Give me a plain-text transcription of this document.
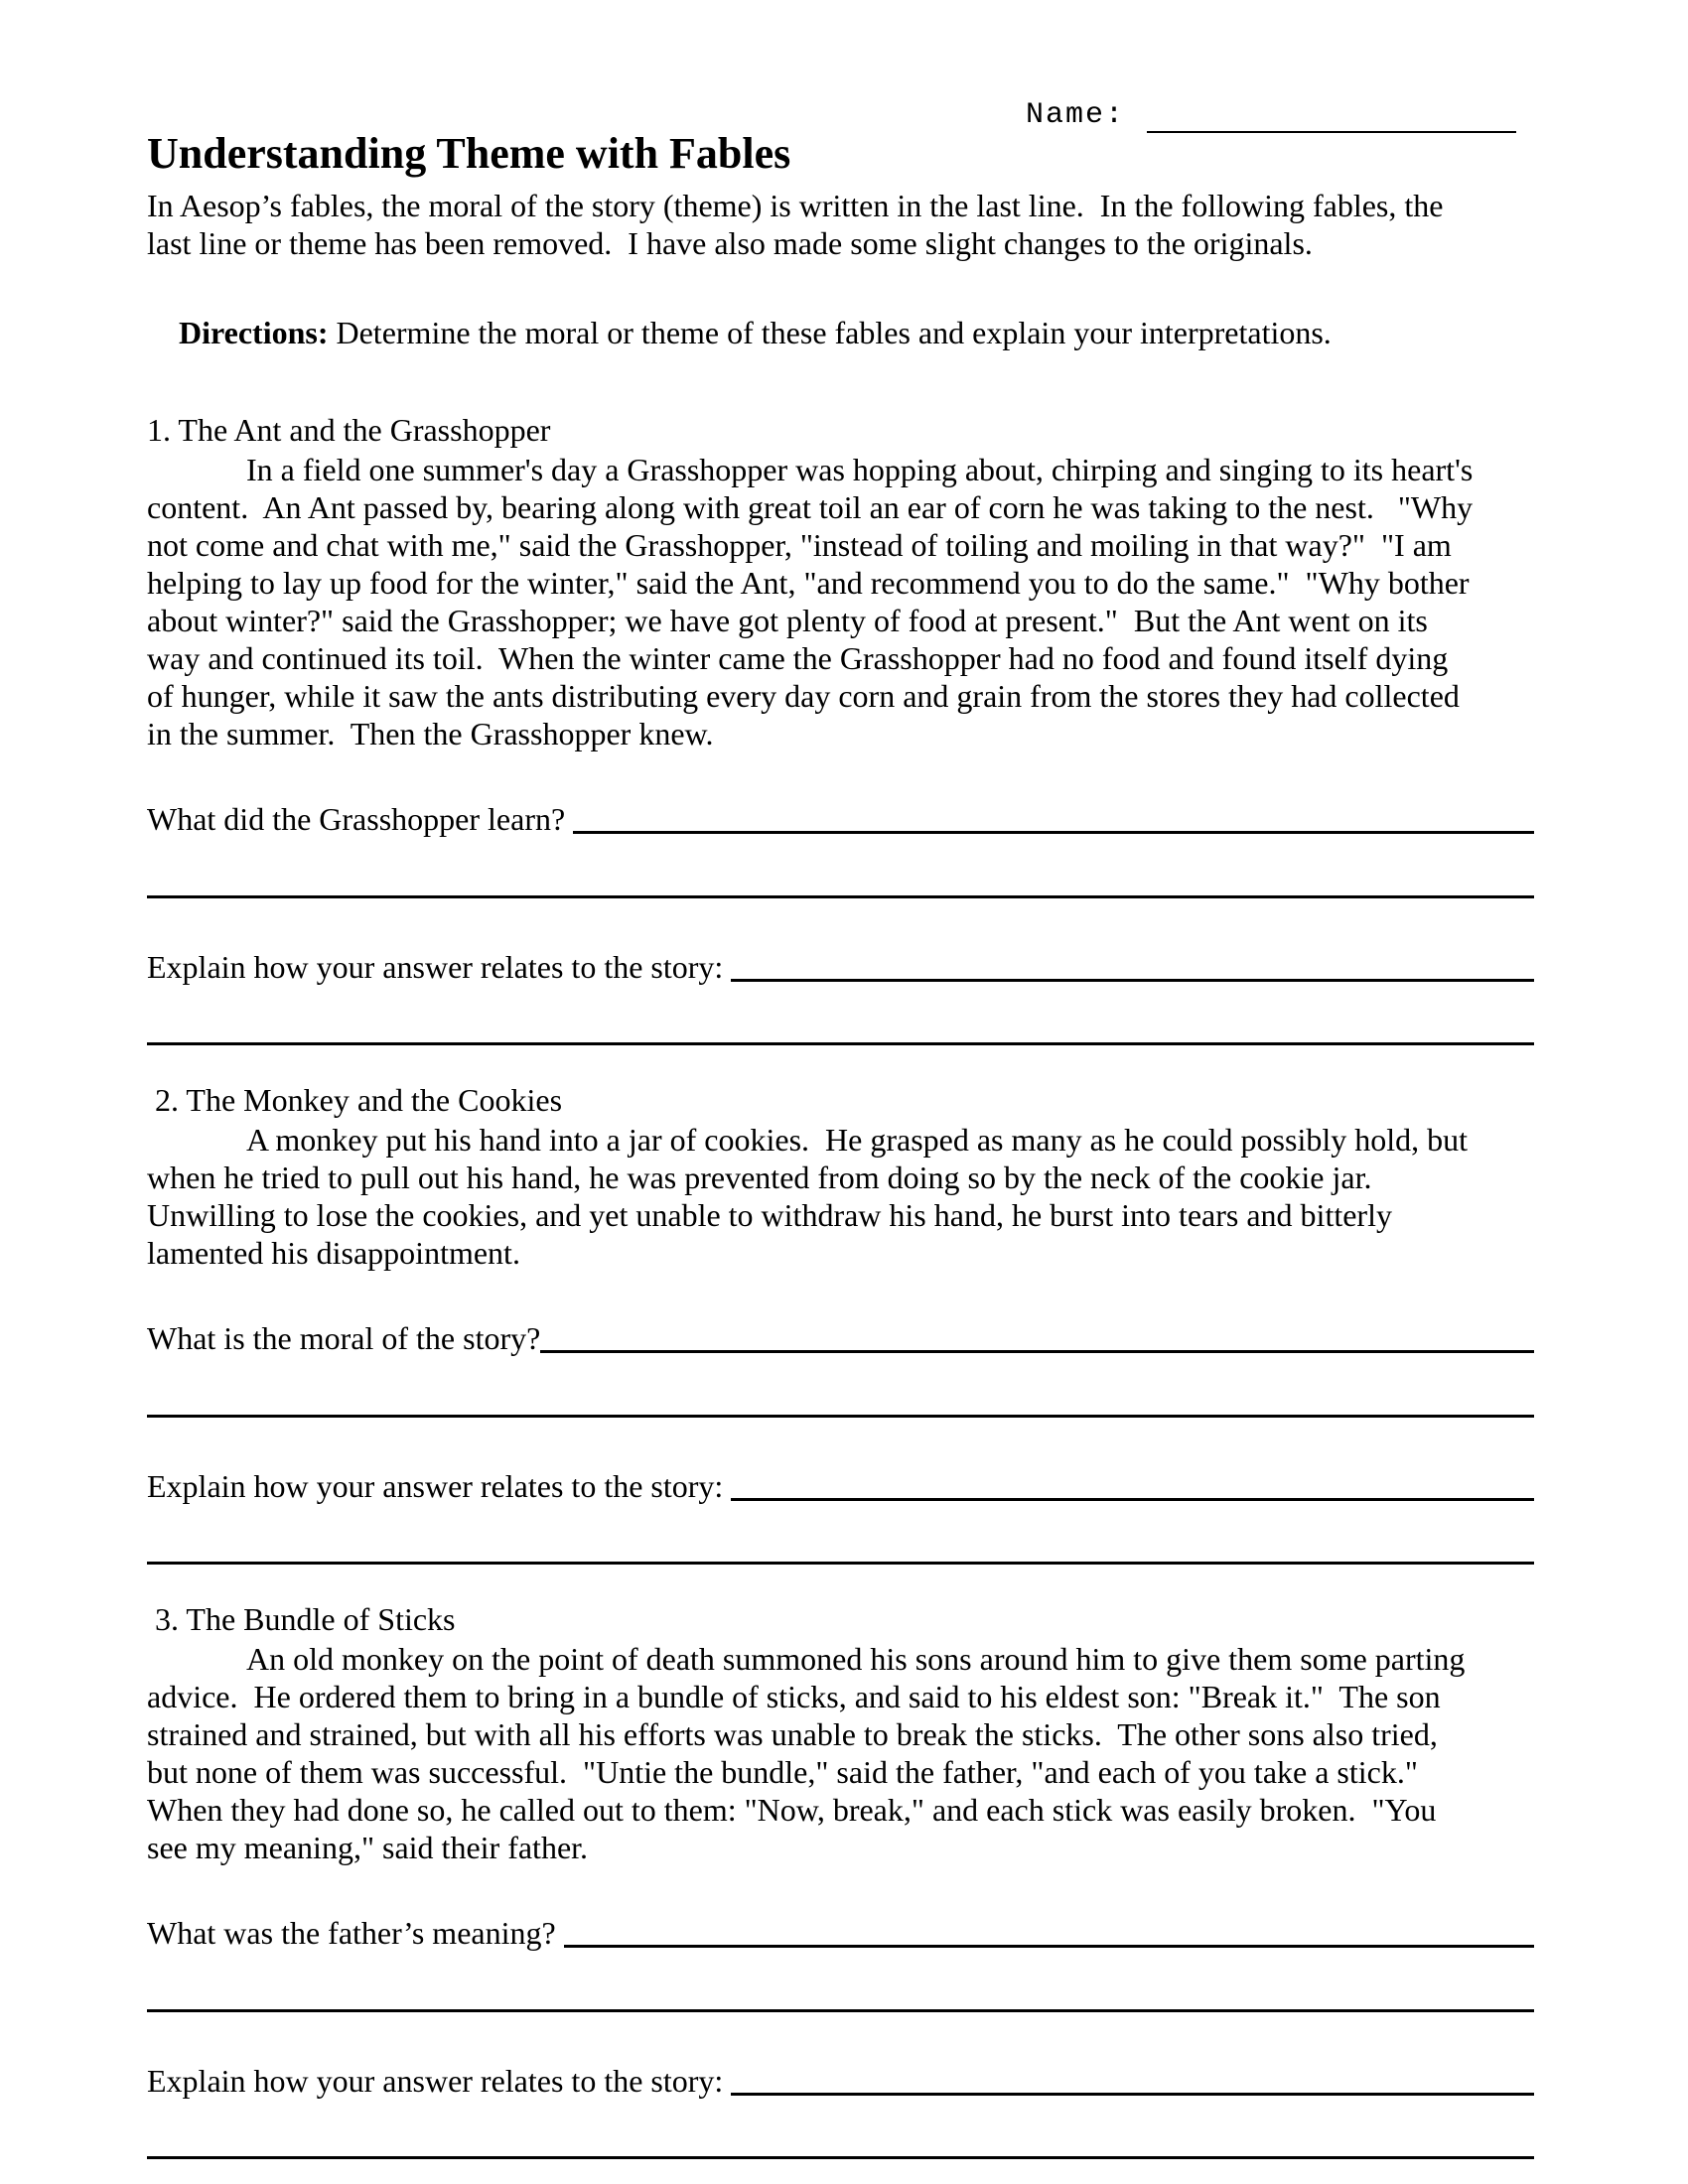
Name:
Understanding Theme with Fables
In Aesop’s fables, the moral of the story (theme) is written in the last line.  In the following fables, the
last line or theme has been removed.  I have also made some slight changes to the originals.

Directions: Determine the moral or theme of these fables and explain your interpretations.

1. The Ant and the Grasshopper
In a field one summer's day a Grasshopper was hopping about, chirping and singing to its heart's
content.  An Ant passed by, bearing along with great toil an ear of corn he was taking to the nest.   "Why
not come and chat with me," said the Grasshopper, "instead of toiling and moiling in that way?"  "I am
helping to lay up food for the winter," said the Ant, "and recommend you to do the same."  "Why bother
about winter?" said the Grasshopper; we have got plenty of food at present."  But the Ant went on its
way and continued its toil.  When the winter came the Grasshopper had no food and found itself dying
of hunger, while it saw the ants distributing every day corn and grain from the stores they had collected
in the summer.  Then the Grasshopper knew.
What did the Grasshopper learn?
Explain how your answer relates to the story:
2. The Monkey and the Cookies
A monkey put his hand into a jar of cookies.  He grasped as many as he could possibly hold, but
when he tried to pull out his hand, he was prevented from doing so by the neck of the cookie jar.
Unwilling to lose the cookies, and yet unable to withdraw his hand, he burst into tears and bitterly
lamented his disappointment.
What is the moral of the story?
Explain how your answer relates to the story:
3. The Bundle of Sticks
An old monkey on the point of death summoned his sons around him to give them some parting
advice.  He ordered them to bring in a bundle of sticks, and said to his eldest son: "Break it."  The son
strained and strained, but with all his efforts was unable to break the sticks.  The other sons also tried,
but none of them was successful.  "Untie the bundle," said the father, "and each of you take a stick."
When they had done so, he called out to them: "Now, break," and each stick was easily broken.  "You
see my meaning," said their father.
What was the father’s meaning?
Explain how your answer relates to the story:
